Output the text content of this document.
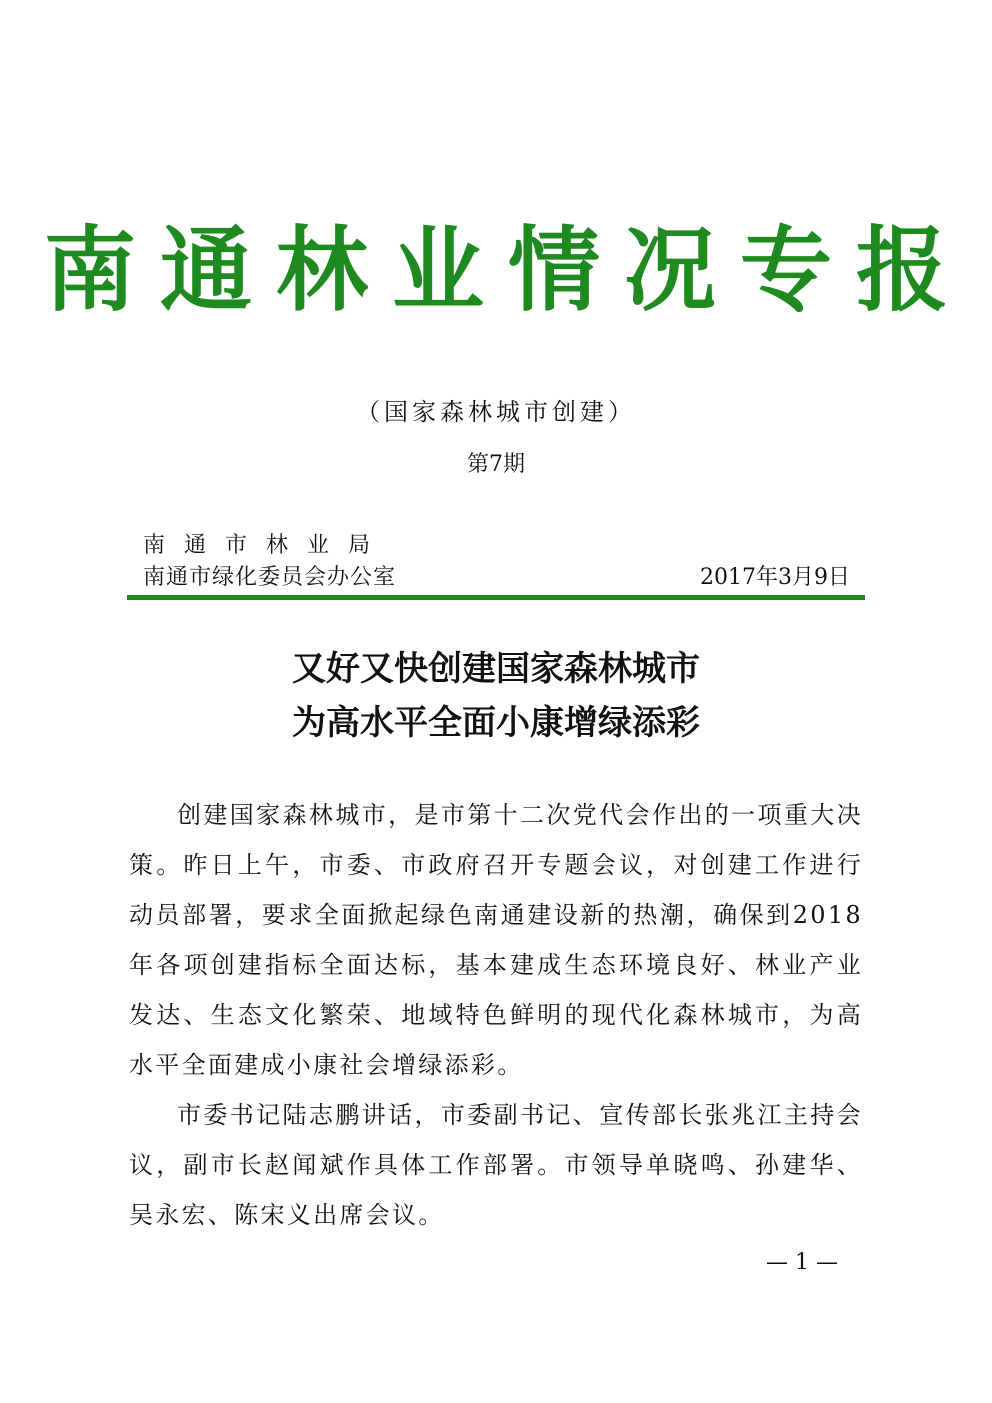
南通林业情况专报
（国家森林城市创建）
第7期
南通市林业局
南通市绿化委员会办公室	2017年3月9日
又好又快创建国家森林城市
为高水平全面小康增绿添彩

创建国家森林城市，是市第十二次党代会作出的一项重大决策。昨日上午，市委、市政府召开专题会议，对创建工作进行动员部署，要求全面掀起绿色南通建设新的热潮，确保到2018年各项创建指标全面达标，基本建成生态环境良好、林业产业发达、生态文化繁荣、地域特色鲜明的现代化森林城市，为高水平全面建成小康社会增绿添彩。

市委书记陆志鹏讲话，市委副书记、宣传部长张兆江主持会议，副市长赵闻斌作具体工作部署。市领导单晓鸣、孙建华、吴永宏、陈宋义出席会议。

— 1 —
